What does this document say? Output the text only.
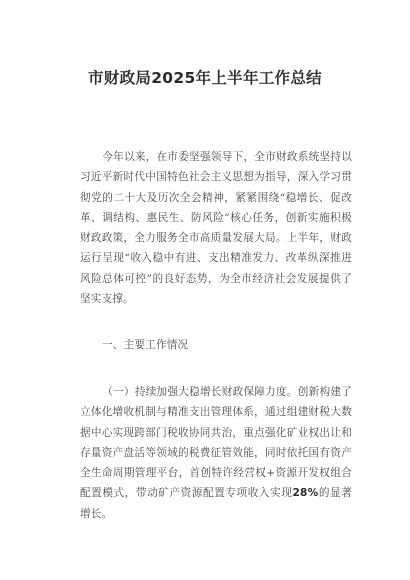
市财政局2025年上半年工作总结

今年以来，在市委坚强领导下，全市财政系统坚持以习近平新时代中国特色社会主义思想为指导，深入学习贯彻党的二十大及历次全会精神，紧紧围绕“稳增长、促改革、调结构、惠民生、防风险”核心任务，创新实施积极财政政策，全力服务全市高质量发展大局。上半年，财政运行呈现“收入稳中有进、支出精准发力、改革纵深推进风险总体可控”的良好态势，为全市经济社会发展提供了坚实支撑。

一、主要工作情况

（一）持续加强大稳增长财政保障力度。创新构建了立体化增收机制与精准支出管理体系，通过组建财税大数据中心实现跨部门税收协同共治，重点强化矿业权出让和存量资产盘活等领域的税费征管效能，同时依托国有资产全生命周期管理平台，首创特许经营权+资源开发权组合配置模式，带动矿产资源配置专项收入实现28%的显著增长。
